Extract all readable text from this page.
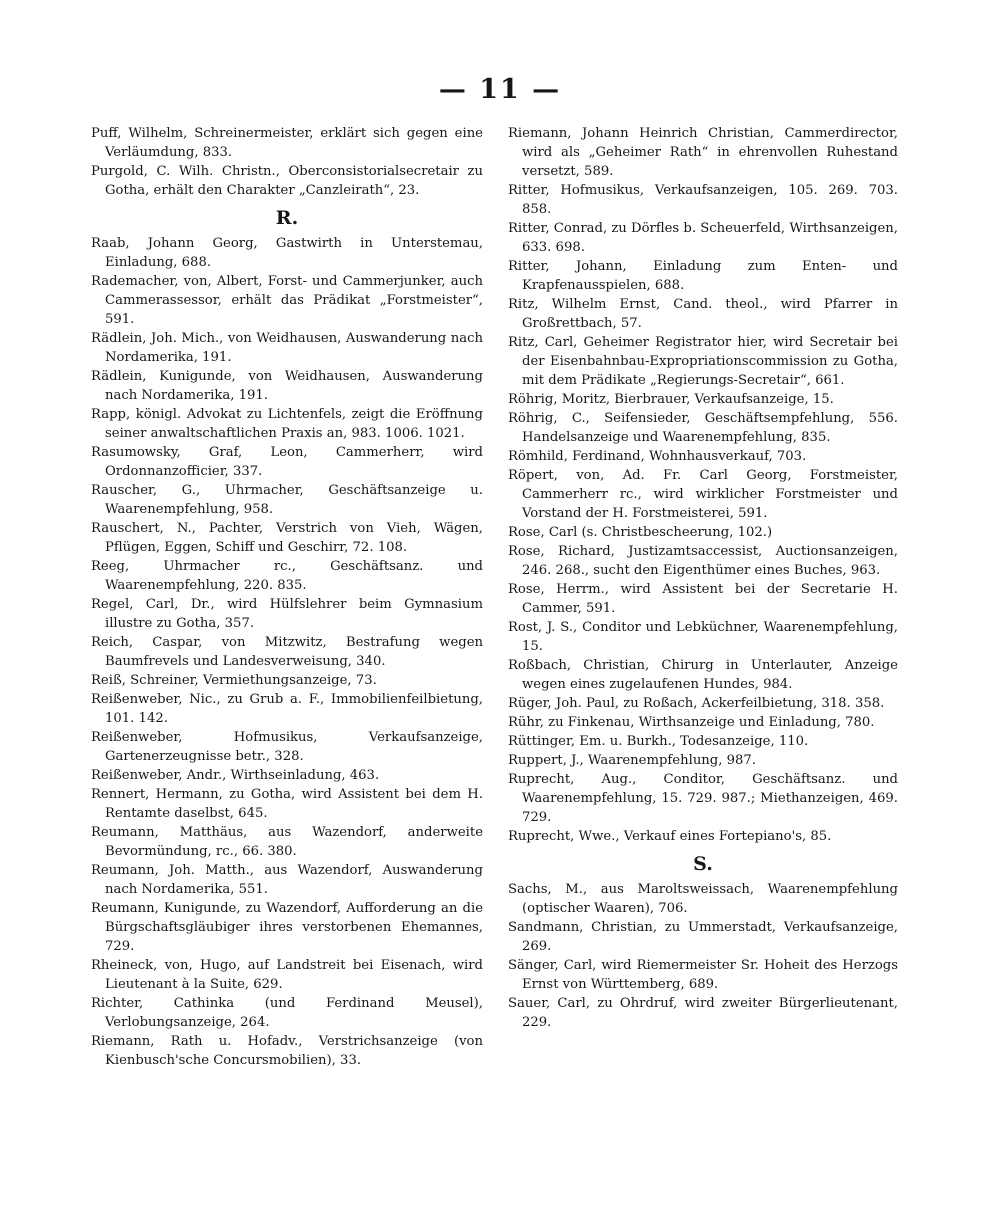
— 11 —
Puff, Wilhelm, Schreinermeister, erklärt sich gegen eine Verläumdung, 833.
Purgold, C. Wilh. Christn., Oberconsistorialsecretair zu Gotha, erhält den Charakter „Canzleirath“, 23.
R.
Raab, Johann Georg, Gastwirth in Unterstemau, Einladung, 688.
Rademacher, von, Albert, Forst- und Cammerjunker, auch Cammerassessor, erhält das Prädikat „Forstmeister“, 591.
Rädlein, Joh. Mich., von Weidhausen, Auswanderung nach Nordamerika, 191.
Rädlein, Kunigunde, von Weidhausen, Auswanderung nach Nordamerika, 191.
Rapp, königl. Advokat zu Lichtenfels, zeigt die Eröffnung seiner anwaltschaftlichen Praxis an, 983. 1006. 1021.
Rasumowsky, Graf, Leon, Cammerherr, wird Ordonnanzofficier, 337.
Rauscher, G., Uhrmacher, Geschäftsanzeige u. Waarenempfehlung, 958.
Rauschert, N., Pachter, Verstrich von Vieh, Wägen, Pflügen, Eggen, Schiff und Geschirr, 72. 108.
Reeg, Uhrmacher rc., Geschäftsanz. und Waarenempfehlung, 220. 835.
Regel, Carl, Dr., wird Hülfslehrer beim Gymnasium illustre zu Gotha, 357.
Reich, Caspar, von Mitzwitz, Bestrafung wegen Baumfrevels und Landesverweisung, 340.
Reiß, Schreiner, Vermiethungsanzeige, 73.
Reißenweber, Nic., zu Grub a. F., Immobilienfeilbietung, 101. 142.
Reißenweber, Hofmusikus, Verkaufsanzeige, Gartenerzeugnisse betr., 328.
Reißenweber, Andr., Wirthseinladung, 463.
Rennert, Hermann, zu Gotha, wird Assistent bei dem H. Rentamte daselbst, 645.
Reumann, Matthäus, aus Wazendorf, anderweite Bevormündung, rc., 66. 380.
Reumann, Joh. Matth., aus Wazendorf, Auswanderung nach Nordamerika, 551.
Reumann, Kunigunde, zu Wazendorf, Aufforderung an die Bürgschaftsgläubiger ihres verstorbenen Ehemannes, 729.
Rheineck, von, Hugo, auf Landstreit bei Eisenach, wird Lieutenant à la Suite, 629.
Richter, Cathinka (und Ferdinand Meusel), Verlobungsanzeige, 264.
Riemann, Rath u. Hofadv., Verstrichsanzeige (von Kienbusch'sche Concursmobilien), 33.
Riemann, Johann Heinrich Christian, Cammerdirector, wird als „Geheimer Rath“ in ehrenvollen Ruhestand versetzt, 589.
Ritter, Hofmusikus, Verkaufsanzeigen, 105. 269. 703. 858.
Ritter, Conrad, zu Dörfles b. Scheuerfeld, Wirthsanzeigen, 633. 698.
Ritter, Johann, Einladung zum Enten- und Krapfenausspielen, 688.
Ritz, Wilhelm Ernst, Cand. theol., wird Pfarrer in Großrettbach, 57.
Ritz, Carl, Geheimer Registrator hier, wird Secretair bei der Eisenbahnbau-Expropriationscommission zu Gotha, mit dem Prädikate „Regierungs-Secretair“, 661.
Röhrig, Moritz, Bierbrauer, Verkaufsanzeige, 15.
Röhrig, C., Seifensieder, Geschäftsempfehlung, 556. Handelsanzeige und Waarenempfehlung, 835.
Römhild, Ferdinand, Wohnhausverkauf, 703.
Röpert, von, Ad. Fr. Carl Georg, Forstmeister, Cammerherr rc., wird wirklicher Forstmeister und Vorstand der H. Forstmeisterei, 591.
Rose, Carl (s. Christbescheerung, 102.)
Rose, Richard, Justizamtsaccessist, Auctionsanzeigen, 246. 268., sucht den Eigenthümer eines Buches, 963.
Rose, Herrm., wird Assistent bei der Secretarie H. Cammer, 591.
Rost, J. S., Conditor und Lebküchner, Waarenempfehlung, 15.
Roßbach, Christian, Chirurg in Unterlauter, Anzeige wegen eines zugelaufenen Hundes, 984.
Rüger, Joh. Paul, zu Roßach, Ackerfeilbietung, 318. 358.
Rühr, zu Finkenau, Wirthsanzeige und Einladung, 780.
Rüttinger, Em. u. Burkh., Todesanzeige, 110.
Ruppert, J., Waarenempfehlung, 987.
Ruprecht, Aug., Conditor, Geschäftsanz. und Waarenempfehlung, 15. 729. 987.; Miethanzeigen, 469. 729.
Ruprecht, Wwe., Verkauf eines Fortepiano's, 85.
S.
Sachs, M., aus Maroltsweissach, Waarenempfehlung (optischer Waaren), 706.
Sandmann, Christian, zu Ummerstadt, Verkaufsanzeige, 269.
Sänger, Carl, wird Riemermeister Sr. Hoheit des Herzogs Ernst von Württemberg, 689.
Sauer, Carl, zu Ohrdruf, wird zweiter Bürgerlieutenant, 229.
